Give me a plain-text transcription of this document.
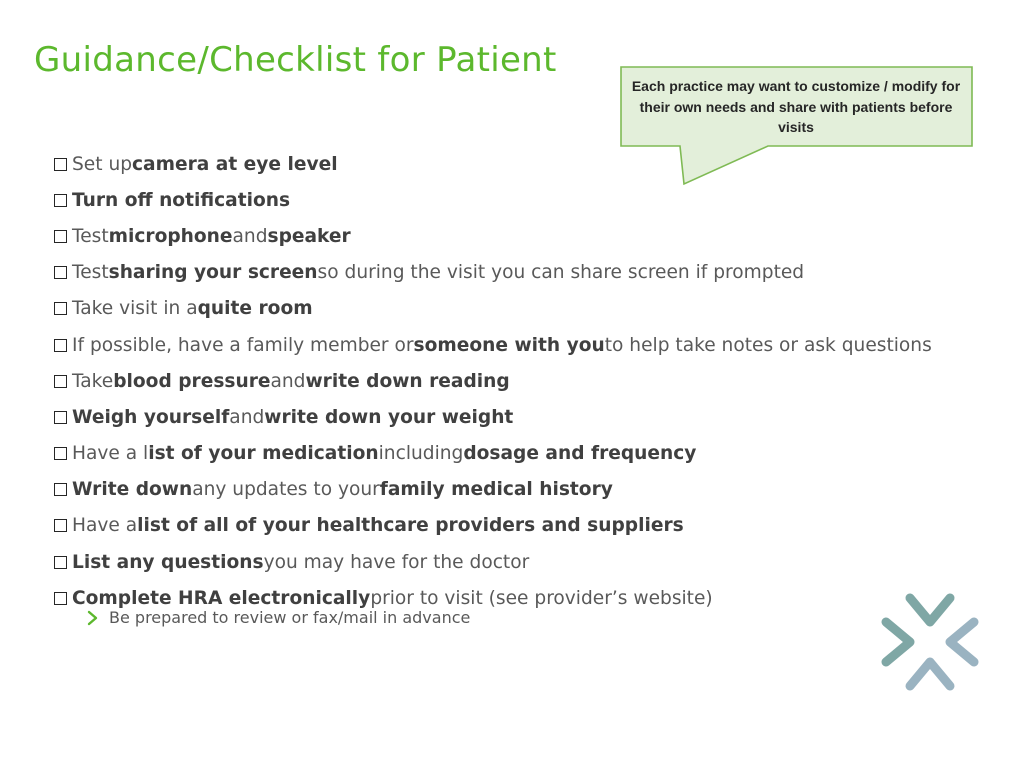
Guidance/Checklist for Patient
Each practice may want to customize / modify for their own needs and share with patients before visits
Set up camera at eye level
Turn off notifications
Test microphone and speaker
Test sharing your screen so during the visit you can share screen if prompted
Take visit in a quite room
If possible, have a family member or someone with you to help take notes or ask questions
Take blood pressure and write down reading
Weigh yourself and write down your weight
Have a l ist of your medication including dosage and frequency
Write down any updates to your family medical history
Have a list of all of your healthcare providers and suppliers
List any questions you may have for the doctor
Complete HRA electronically prior to visit (see provider’s website)
Be prepared to review or fax/mail in advance
